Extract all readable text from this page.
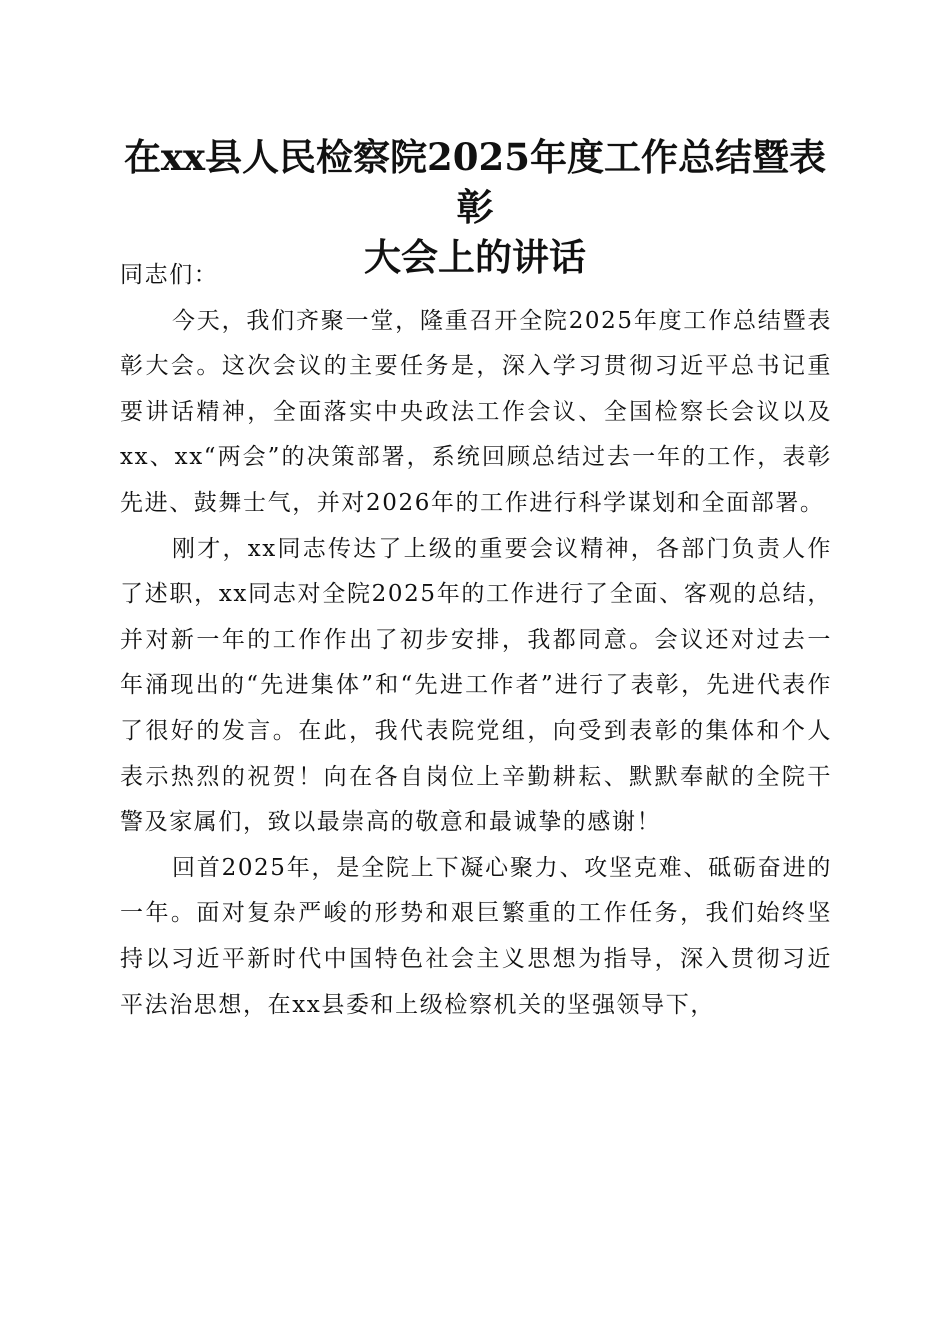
在xx县人民检察院2025年度工作总结暨表彰
大会上的讲话

同志们：

今天，我们齐聚一堂，隆重召开全院2025年度工作总结暨表彰大会。这次会议的主要任务是，深入学习贯彻习近平总书记重要讲话精神，全面落实中央政法工作会议、全国检察长会议以及xx、xx“两会”的决策部署，系统回顾总结过去一年的工作，表彰先进、鼓舞士气，并对2026年的工作进行科学谋划和全面部署。

刚才，xx同志传达了上级的重要会议精神，各部门负责人作了述职，xx同志对全院2025年的工作进行了全面、客观的总结，并对新一年的工作作出了初步安排，我都同意。会议还对过去一年涌现出的“先进集体”和“先进工作者”进行了表彰，先进代表作了很好的发言。在此，我代表院党组，向受到表彰的集体和个人表示热烈的祝贺！向在各自岗位上辛勤耕耘、默默奉献的全院干警及家属们，致以最崇高的敬意和最诚挚的感谢！

回首2025年，是全院上下凝心聚力、攻坚克难、砥砺奋进的一年。面对复杂严峻的形势和艰巨繁重的工作任务，我们始终坚持以习近平新时代中国特色社会主义思想为指导，深入贯彻习近平法治思想，在xx县委和上级检察机关的坚强领导下，
